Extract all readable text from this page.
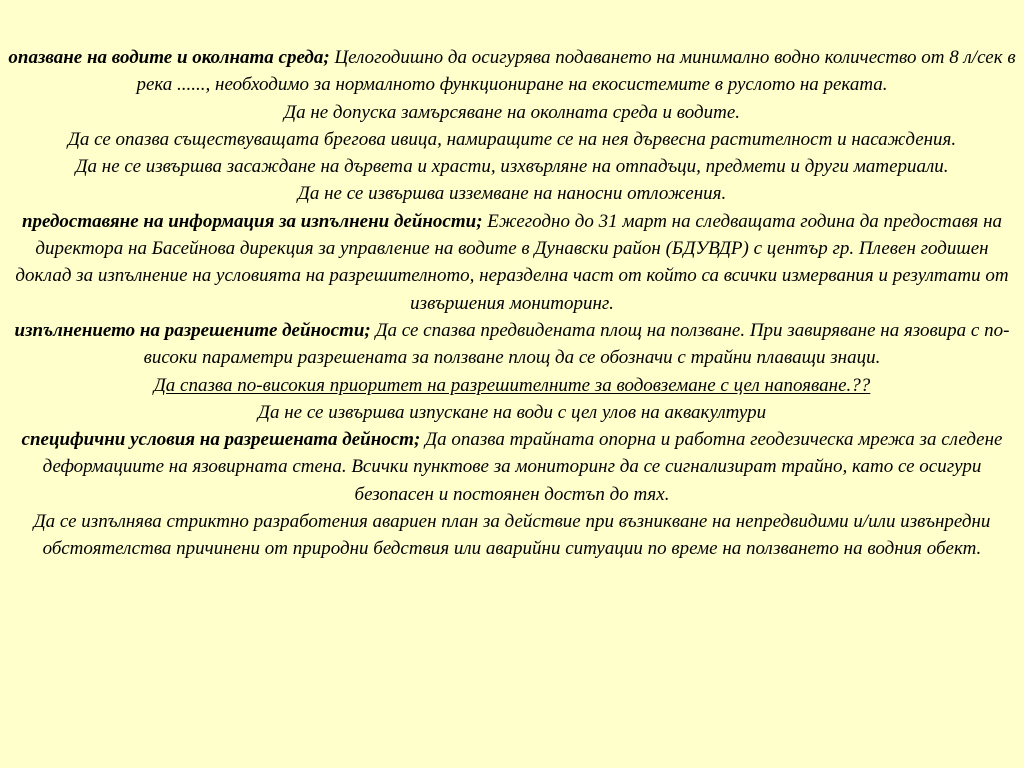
опазване на водите и околната среда; Целогодишно да осигурява подаването на минимално водно количество от 8 л/сек в река ......, необходимо за нормалното функциониране на екосистемите в руслото на реката.

Да не допуска замърсяване на околната среда и водите.

Да се опазва съществуващата брегова ивица, намиращите се на нея дървесна растителност и насаждения.

Да не се извършва засаждане на дървета и храсти, изхвърляне на отпадъци, предмети и други материали.

Да не се извършва изземване на наносни отложения.

предоставяне на информация за изпълнени дейности; Ежегодно до 31 март на следващата година да предоставя на директора на Басейнова дирекция за управление на водите в Дунавски район (БДУВДР) с център гр. Плевен годишен доклад за изпълнение на условията на разрешителното, неразделна част от който са всички измервания и резултати от извършения мониторинг.

изпълнението на разрешените дейности; Да се спазва предвидената площ на ползване. При завиряване на язовира с по-високи параметри разрешената за ползване площ да се обозначи с трайни плаващи знаци.

Да спазва по-високия приоритет на разрешителните за водовземане с цел напояване.??

Да не се извършва изпускане на води с цел улов на аквакултури

специфични условия на разрешената дейност; Да опазва трайната опорна и работна геодезическа мрежа за следене деформациите на язовирната стена. Всички пунктове за мониторинг да се сигнализират трайно, като се осигури безопасен и постоянен достъп до тях.

Да се изпълнява стриктно разработения авариен план за действие при възникване на непредвидими и/или извънредни обстоятелства причинени от природни бедствия или аварийни ситуации по време на ползването на водния обект.
